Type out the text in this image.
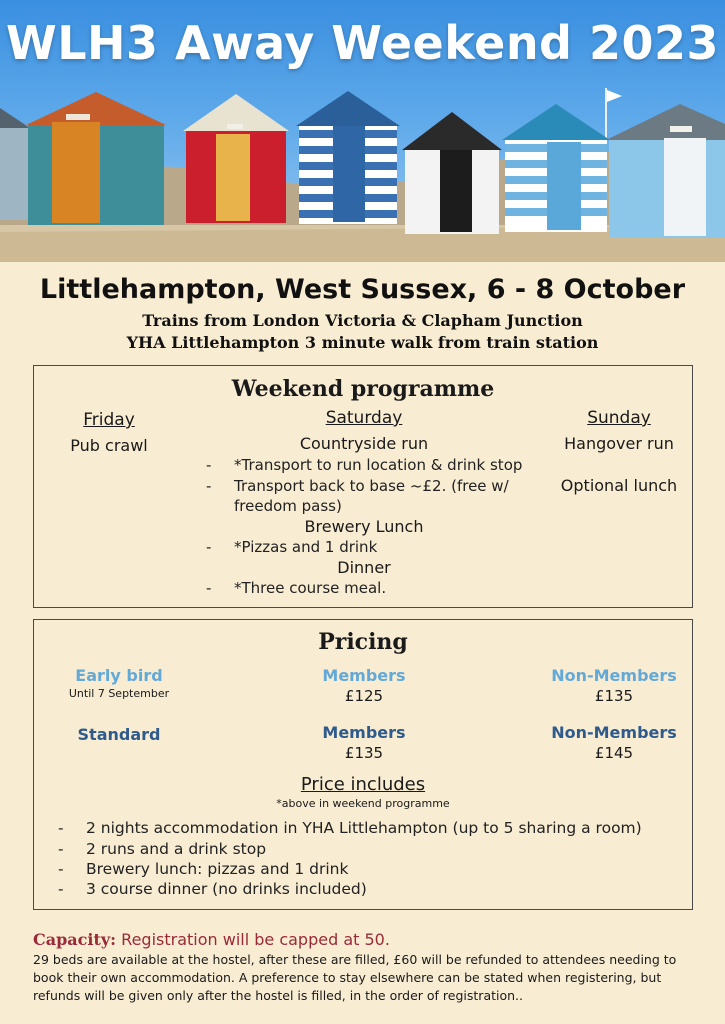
WLH3 Away Weekend 2023
Littlehampton, West Sussex, 6 - 8 October
Trains from London Victoria & Clapham Junction
YHA Littlehampton 3 minute walk from train station
Weekend programme
Friday
Pub crawl
Saturday
Countryside run
- *Transport to run location & drink stop
- Transport back to base ~£2. (free w/
freedom pass)
Brewery Lunch
- *Pizzas and 1 drink
Dinner
- *Three course meal.
Sunday
Hangover run
Optional lunch
Pricing
Early bird
Until 7 September
Members
£125
Non-Members
£135
Standard	Members
£135
Non-Members
£145
Price includes
*above in weekend programme
- 2 nights accommodation in YHA Littlehampton (up to 5 sharing a room)
- 2 runs and a drink stop
- Brewery lunch: pizzas and 1 drink
- 3 course dinner (no drinks included)
Capacity: Registration will be capped at 50.
29 beds are available at the hostel, after these are filled, £60 will be refunded to attendees needing to book their own accommodation. A preference to stay elsewhere can be stated when registering, but refunds will be given only after the hostel is filled, in the order of registration..
